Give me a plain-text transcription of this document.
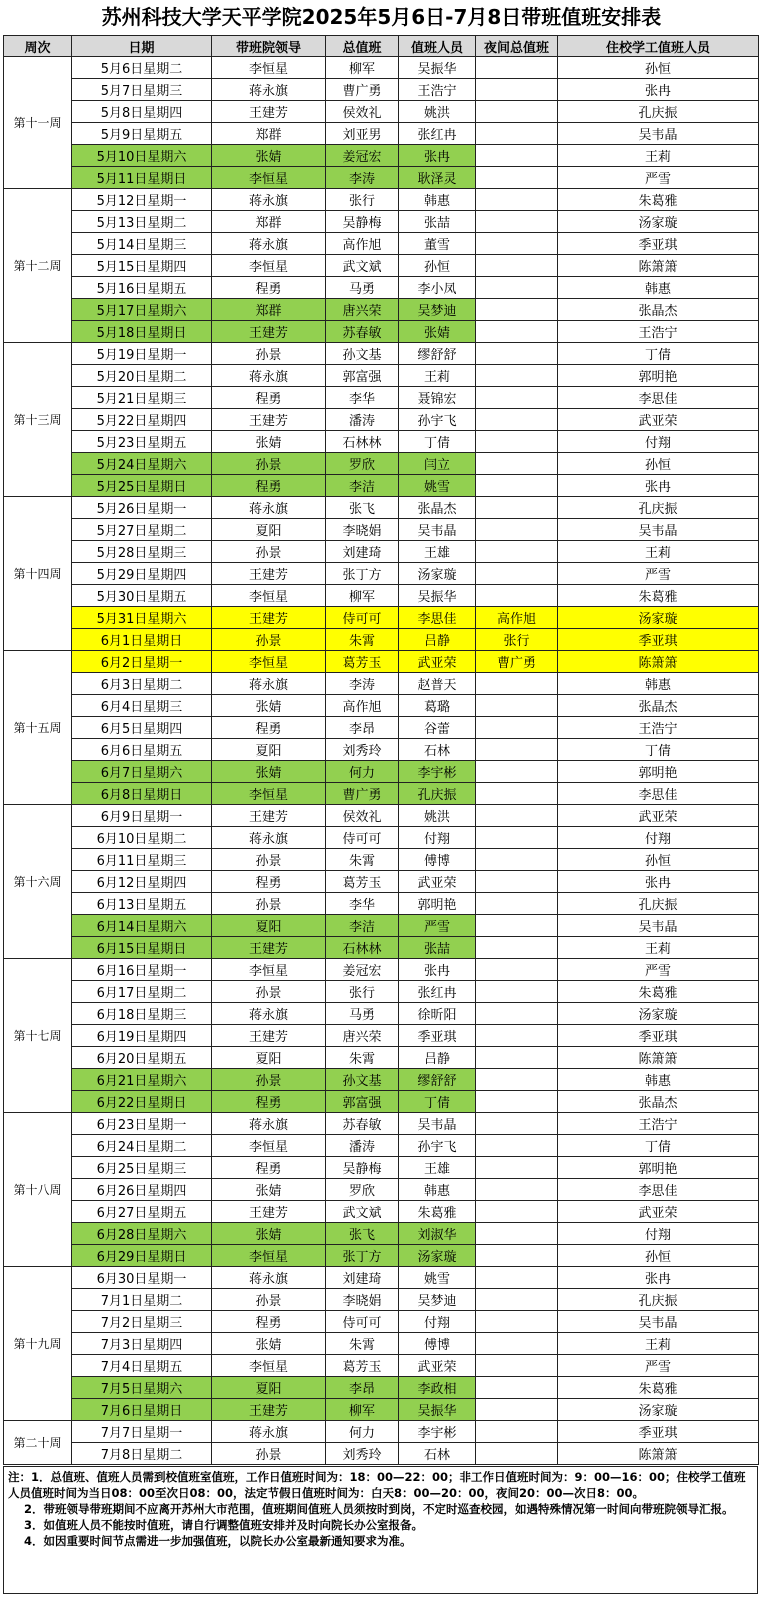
苏州科技大学天平学院2025年5月6日-7月8日带班值班安排表
周次	日期	带班院领导	总值班	值班人员	夜间总值班	住校学工值班人员
第十一周	5月6日星期二	李恒星	柳军	吴振华		孙恒
	5月7日星期三	蒋永旗	曹广勇	王浩宁		张冉
	5月8日星期四	王建芳	侯效礼	姚洪		孔庆振
	5月9日星期五	郑群	刘亚男	张红冉		吴韦晶
	5月10日星期六	张婧	姜冠宏	张冉		王莉
	5月11日星期日	李恒星	李涛	耿泽灵		严雪
第十二周	5月12日星期一	蒋永旗	张行	韩惠		朱葛雅
	5月13日星期二	郑群	吴静梅	张喆		汤家璇
	5月14日星期三	蒋永旗	高作旭	董雪		季亚琪
	5月15日星期四	李恒星	武文斌	孙恒		陈箫箫
	5月16日星期五	程勇	马勇	李小凤		韩惠
	5月17日星期六	郑群	唐兴荣	吴梦迪		张晶杰
	5月18日星期日	王建芳	苏春敏	张婧		王浩宁
第十三周	5月19日星期一	孙景	孙文基	缪舒舒		丁倩
	5月20日星期二	蒋永旗	郭富强	王莉		郭明艳
	5月21日星期三	程勇	李华	聂锦宏		李思佳
	5月22日星期四	王建芳	潘涛	孙宇飞		武亚荣
	5月23日星期五	张婧	石林林	丁倩		付翔
	5月24日星期六	孙景	罗欣	闫立		孙恒
	5月25日星期日	程勇	李洁	姚雪		张冉
第十四周	5月26日星期一	蒋永旗	张飞	张晶杰		孔庆振
	5月27日星期二	夏阳	李晓娟	吴韦晶		吴韦晶
	5月28日星期三	孙景	刘建琦	王雄		王莉
	5月29日星期四	王建芳	张丁方	汤家璇		严雪
	5月30日星期五	李恒星	柳军	吴振华		朱葛雅
	5月31日星期六	王建芳	侍可可	李思佳	高作旭	汤家璇
	6月1日星期日	孙景	朱霄	吕静	张行	季亚琪
第十五周	6月2日星期一	李恒星	葛芳玉	武亚荣	曹广勇	陈箫箫
	6月3日星期二	蒋永旗	李涛	赵普天		韩惠
	6月4日星期三	张婧	高作旭	葛璐		张晶杰
	6月5日星期四	程勇	李昂	谷蕾		王浩宁
	6月6日星期五	夏阳	刘秀玲	石林		丁倩
	6月7日星期六	张婧	何力	李宇彬		郭明艳
	6月8日星期日	李恒星	曹广勇	孔庆振		李思佳
第十六周	6月9日星期一	王建芳	侯效礼	姚洪		武亚荣
	6月10日星期二	蒋永旗	侍可可	付翔		付翔
	6月11日星期三	孙景	朱霄	傅博		孙恒
	6月12日星期四	程勇	葛芳玉	武亚荣		张冉
	6月13日星期五	孙景	李华	郭明艳		孔庆振
	6月14日星期六	夏阳	李洁	严雪		吴韦晶
	6月15日星期日	王建芳	石林林	张喆		王莉
第十七周	6月16日星期一	李恒星	姜冠宏	张冉		严雪
	6月17日星期二	孙景	张行	张红冉		朱葛雅
	6月18日星期三	蒋永旗	马勇	徐昕阳		汤家璇
	6月19日星期四	王建芳	唐兴荣	季亚琪		季亚琪
	6月20日星期五	夏阳	朱霄	吕静		陈箫箫
	6月21日星期六	孙景	孙文基	缪舒舒		韩惠
	6月22日星期日	程勇	郭富强	丁倩		张晶杰
第十八周	6月23日星期一	蒋永旗	苏春敏	吴韦晶		王浩宁
	6月24日星期二	李恒星	潘涛	孙宇飞		丁倩
	6月25日星期三	程勇	吴静梅	王雄		郭明艳
	6月26日星期四	张婧	罗欣	韩惠		李思佳
	6月27日星期五	王建芳	武文斌	朱葛雅		武亚荣
	6月28日星期六	张婧	张飞	刘淑华		付翔
	6月29日星期日	李恒星	张丁方	汤家璇		孙恒
第十九周	6月30日星期一	蒋永旗	刘建琦	姚雪		张冉
	7月1日星期二	孙景	李晓娟	吴梦迪		孔庆振
	7月2日星期三	程勇	侍可可	付翔		吴韦晶
	7月3日星期四	张婧	朱霄	傅博		王莉
	7月4日星期五	李恒星	葛芳玉	武亚荣		严雪
	7月5日星期六	夏阳	李昂	李政相		朱葛雅
	7月6日星期日	王建芳	柳军	吴振华		汤家璇
第二十周	7月7日星期一	蒋永旗	何力	李宇彬		季亚琪
	7月8日星期二	孙景	刘秀玲	石林		陈箫箫

注：1．总值班、值班人员需到校值班室值班，工作日值班时间为：18：00—22：00；非工作日值班时间为：9：00—16：00；住校学工值班人员值班时间为当日08：00至次日08：00，法定节假日值班时间为：白天8：00—20：00，夜间20：00—次日8：00。

2．带班领导带班期间不应离开苏州大市范围，值班期间值班人员须按时到岗，不定时巡查校园，如遇特殊情况第一时间向带班院领导汇报。

3．如值班人员不能按时值班，请自行调整值班安排并及时向院长办公室报备。

4．如因重要时间节点需进一步加强值班，以院长办公室最新通知要求为准。
